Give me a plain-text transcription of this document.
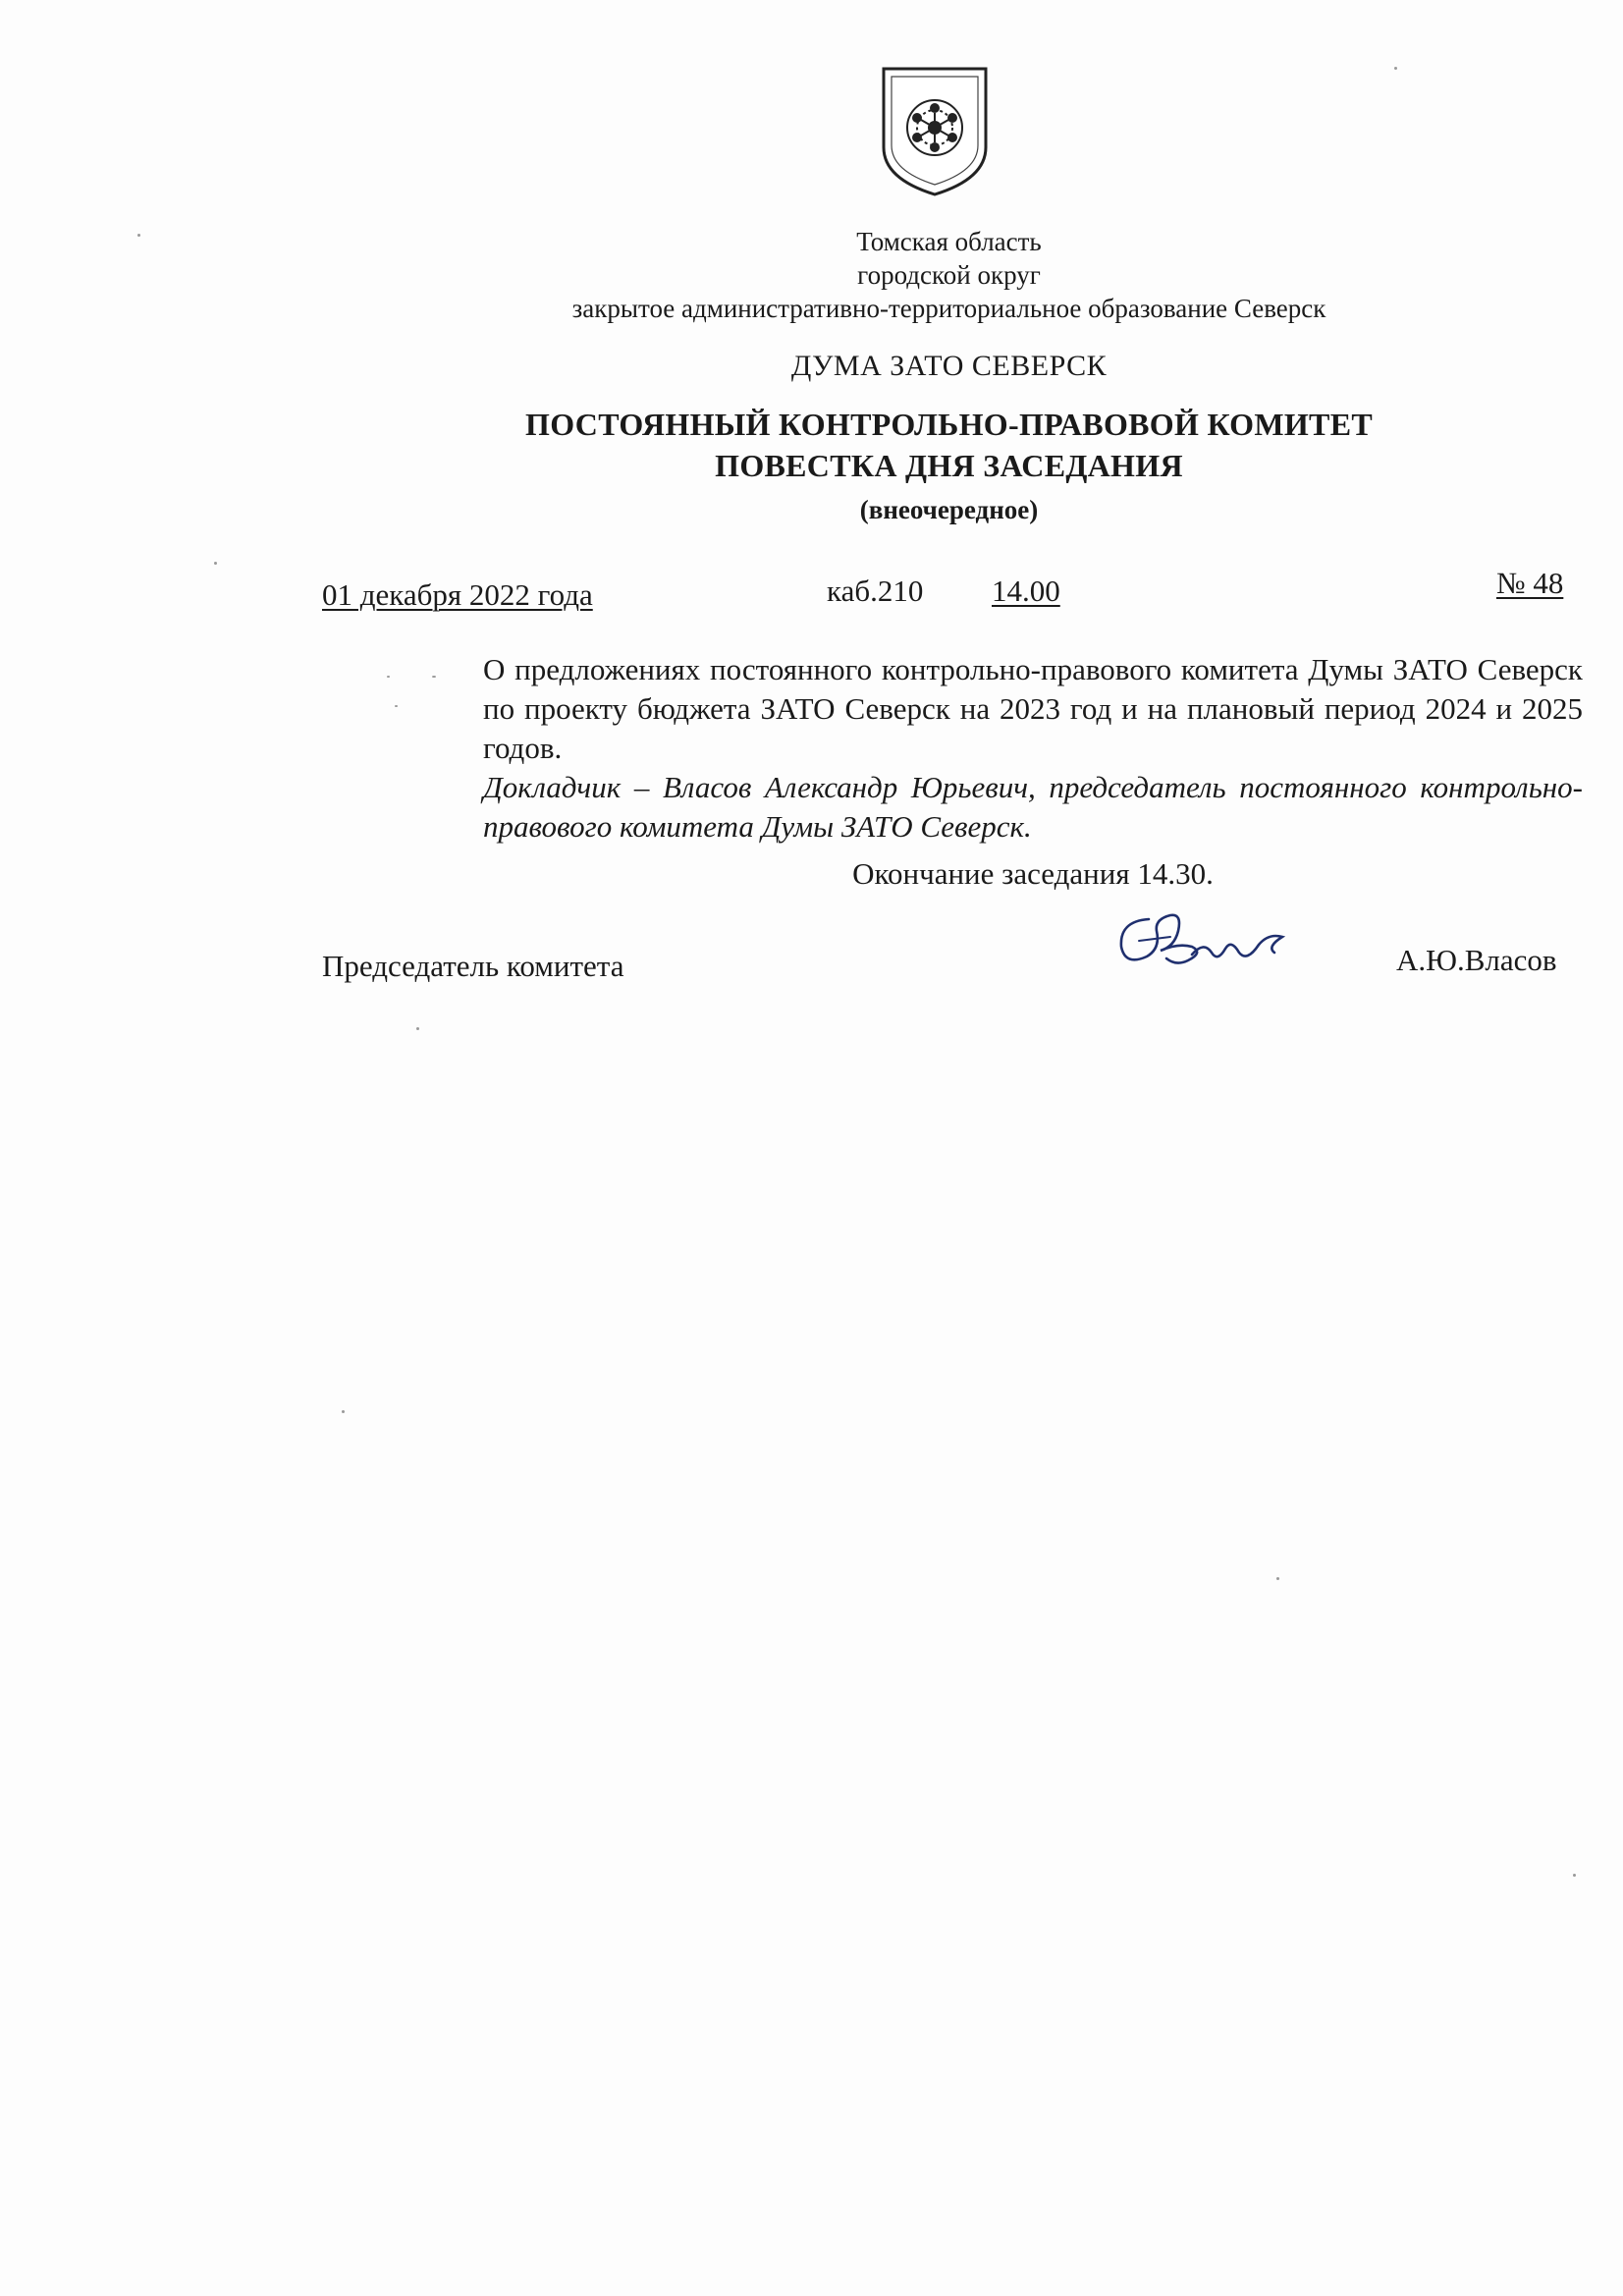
Томская область
городской округ
закрытое административно-территориальное образование Северск
ДУМА ЗАТО СЕВЕРСК
ПОСТОЯННЫЙ КОНТРОЛЬНО-ПРАВОВОЙ КОМИТЕТ
ПОВЕСТКА ДНЯ ЗАСЕДАНИЯ
(внеочередное)
01 декабря 2022 года	каб.210 14.00	№ 48

О предложениях постоянного контрольно-правового комитета Думы ЗАТО Северск по проекту бюджета ЗАТО Северск на 2023 год и на плановый период 2024 и 2025 годов.

Докладчик – Власов Александр Юрьевич, председатель постоянного контрольно-правового комитета Думы ЗАТО Северск.

Окончание заседания 14.30.
Председатель комитета	А.Ю.Власов
